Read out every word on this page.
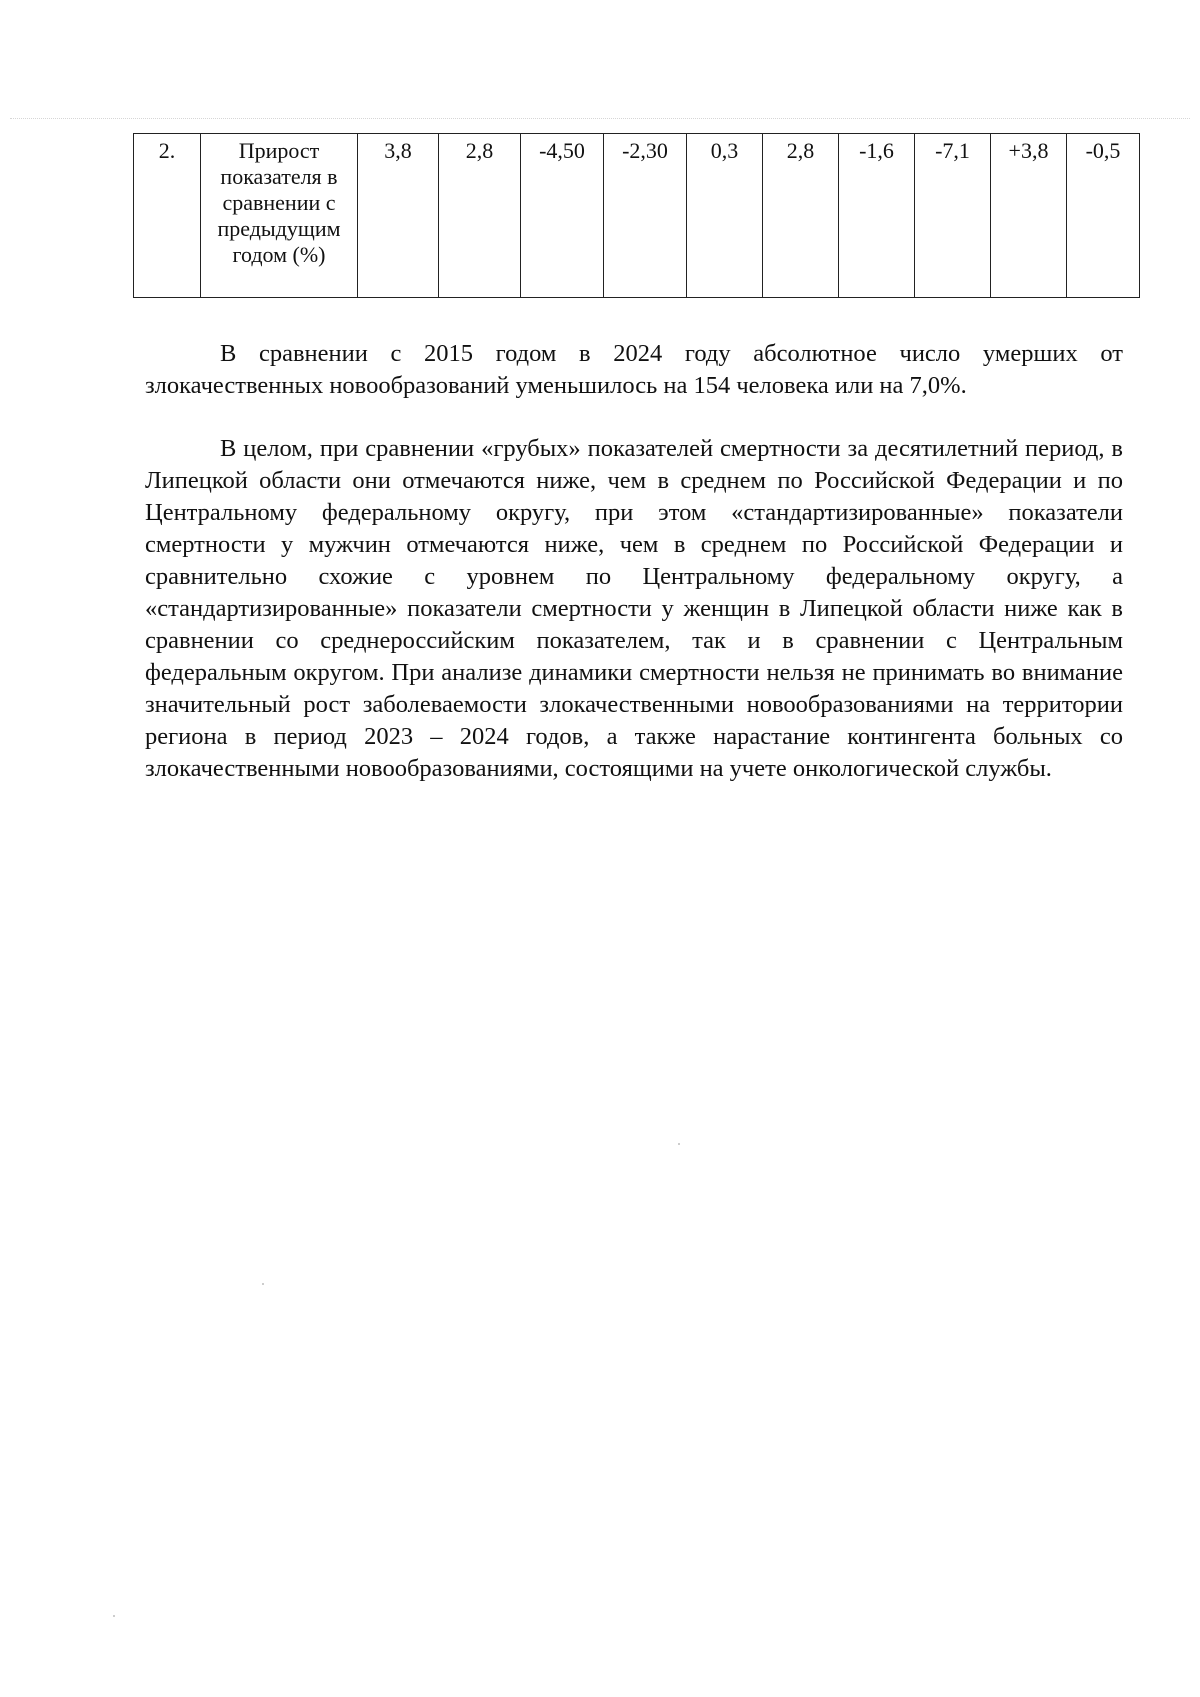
2.	Прирост показателя в сравнении с предыдущим годом (%)	3,8	2,8	-4,50	-2,30	0,3	2,8	-1,6	-7,1	+3,8	-0,5

В сравнении с 2015 годом в 2024 году абсолютное число умерших от злокачественных новообразований уменьшилось на 154 человека или на 7,0%.

В целом, при сравнении «грубых» показателей смертности за десятилетний период, в Липецкой области они отмечаются ниже, чем в среднем по Российской Федерации и по Центральному федеральному округу, при этом «стандартизированные» показатели смертности у мужчин отмечаются ниже, чем в среднем по Российской Федерации и сравнительно схожие с уровнем по Центральному федеральному округу, а «стандартизированные» показатели смертности у женщин в Липецкой области ниже как в сравнении со среднероссийским показателем, так и в сравнении с Центральным федеральным округом. При анализе динамики смертности нельзя не принимать во внимание значительный рост заболеваемости злокачественными новообразованиями на территории региона в период 2023 – 2024 годов, а также нарастание контингента больных со злокачественными новообразованиями, состоящими на учете онкологической службы.
